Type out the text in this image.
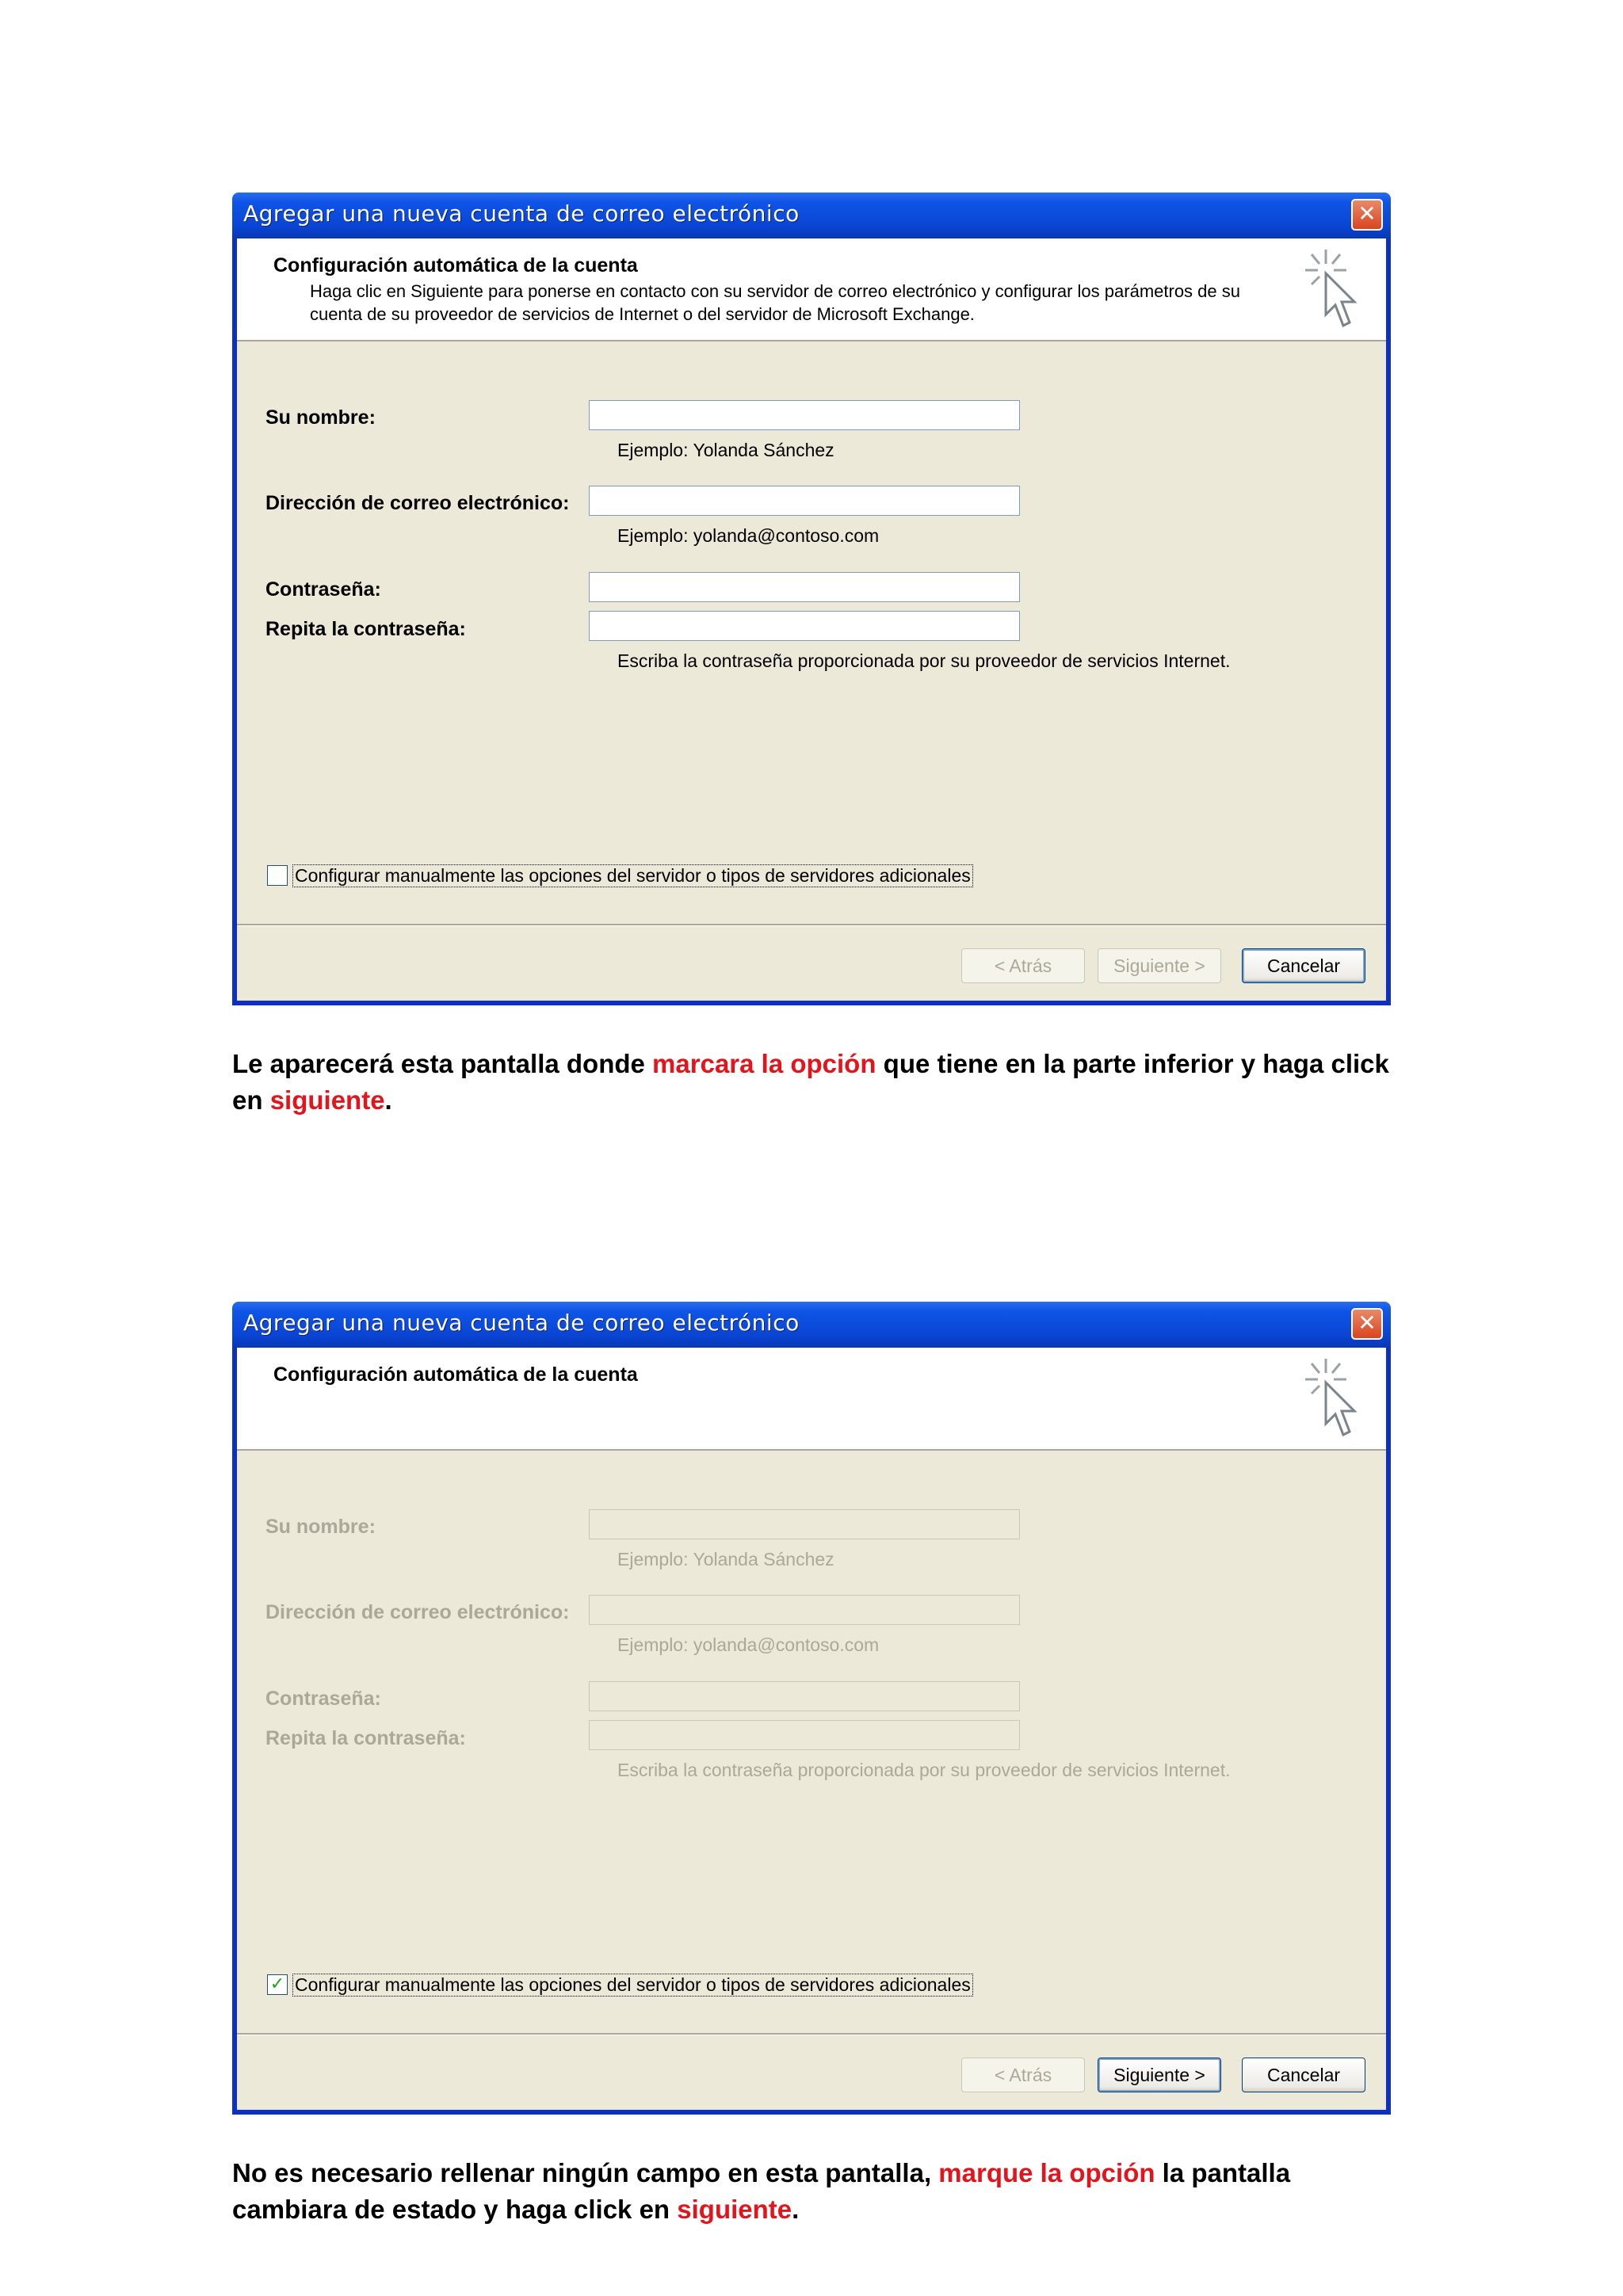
Agregar una nueva cuenta de correo electrónico	✕
Configuración automática de la cuenta
Haga clic en Siguiente para ponerse en contacto con su servidor de correo electrónico y configurar los parámetros de su cuenta de su proveedor de servicios de Internet o del servidor de Microsoft Exchange.
Su nombre:
Ejemplo: Yolanda Sánchez
Dirección de correo electrónico:
Ejemplo: yolanda@contoso.com
Contraseña:
Repita la contraseña:
Escriba la contraseña proporcionada por su proveedor de servicios Internet.
Configurar manualmente las opciones del servidor o tipos de servidores adicionales
< Atrás	Siguiente >	Cancelar
Le aparecerá esta pantalla donde marcara la opción que tiene en la parte inferior y haga click en siguiente.
Agregar una nueva cuenta de correo electrónico	✕
Configuración automática de la cuenta
Su nombre:
Ejemplo: Yolanda Sánchez
Dirección de correo electrónico:
Ejemplo: yolanda@contoso.com
Contraseña:
Repita la contraseña:
Escriba la contraseña proporcionada por su proveedor de servicios Internet.
✓ Configurar manualmente las opciones del servidor o tipos de servidores adicionales
< Atrás	Siguiente >	Cancelar
No es necesario rellenar ningún campo en esta pantalla, marque la opción la pantalla cambiara de estado y haga click en siguiente.
